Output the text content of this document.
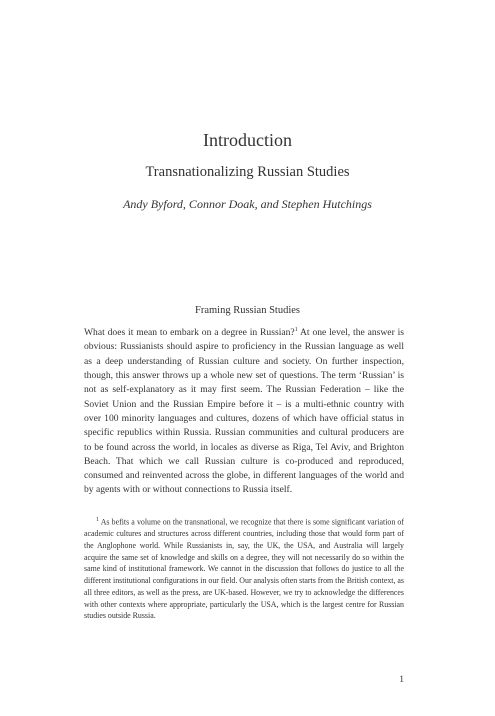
Introduction
Transnationalizing Russian Studies
Andy Byford, Connor Doak, and Stephen Hutchings
Framing Russian Studies

What does it mean to embark on a degree in Russian?$^1$ At one level, the answer is obvious: Russianists should aspire to proficiency in the Russian language as well as a deep understanding of Russian culture and society. On further inspection, though, this answer throws up a whole new set of questions. The term ‘Russian’ is not as self-explanatory as it may first seem. The Russian Federation – like the Soviet Union and the Russian Empire before it – is a multi-ethnic country with over 100 minority languages and cultures, dozens of which have official status in specific republics within Russia. Russian communities and cultural producers are to be found across the world, in locales as diverse as Riga, Tel Aviv, and Brighton Beach. That which we call Russian culture is co-produced and reproduced, consumed and reinvented across the globe, in different languages of the world and by agents with or without connections to Russia itself.

$^1$ As befits a volume on the transnational, we recognize that there is some significant variation of academic cultures and structures across different countries, including those that would form part of the Anglophone world. While Russianists in, say, the UK, the USA, and Australia will largely acquire the same set of knowledge and skills on a degree, they will not necessarily do so within the same kind of institutional framework. We cannot in the discussion that follows do justice to all the different institutional configurations in our field. Our analysis often starts from the British context, as all three editors, as well as the press, are UK-based. However, we try to acknowledge the differences with other contexts where appropriate, particularly the USA, which is the largest centre for Russian studies outside Russia.

1
